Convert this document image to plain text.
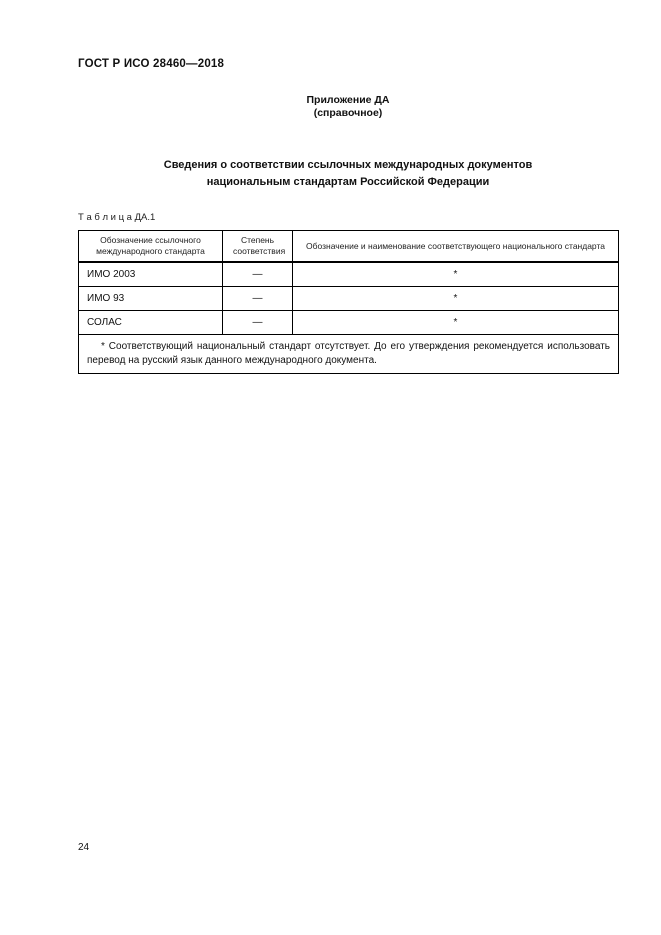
ГОСТ Р ИСО 28460—2018
Приложение ДА
(справочное)
Сведения о соответствии ссылочных международных документов
национальным стандартам Российской Федерации
Т а б л и ц а ДА.1
Обозначение ссылочного международного стандарта	Степень соответствия	Обозначение и наименование соответствующего национального стандарта
ИМО 2003	—	*
ИМО 93	—	*
СОЛАС	—	*

* Соответствующий национальный стандарт отсутствует. До его утверждения рекомендуется использовать перевод на русский язык данного международного документа.		

24
